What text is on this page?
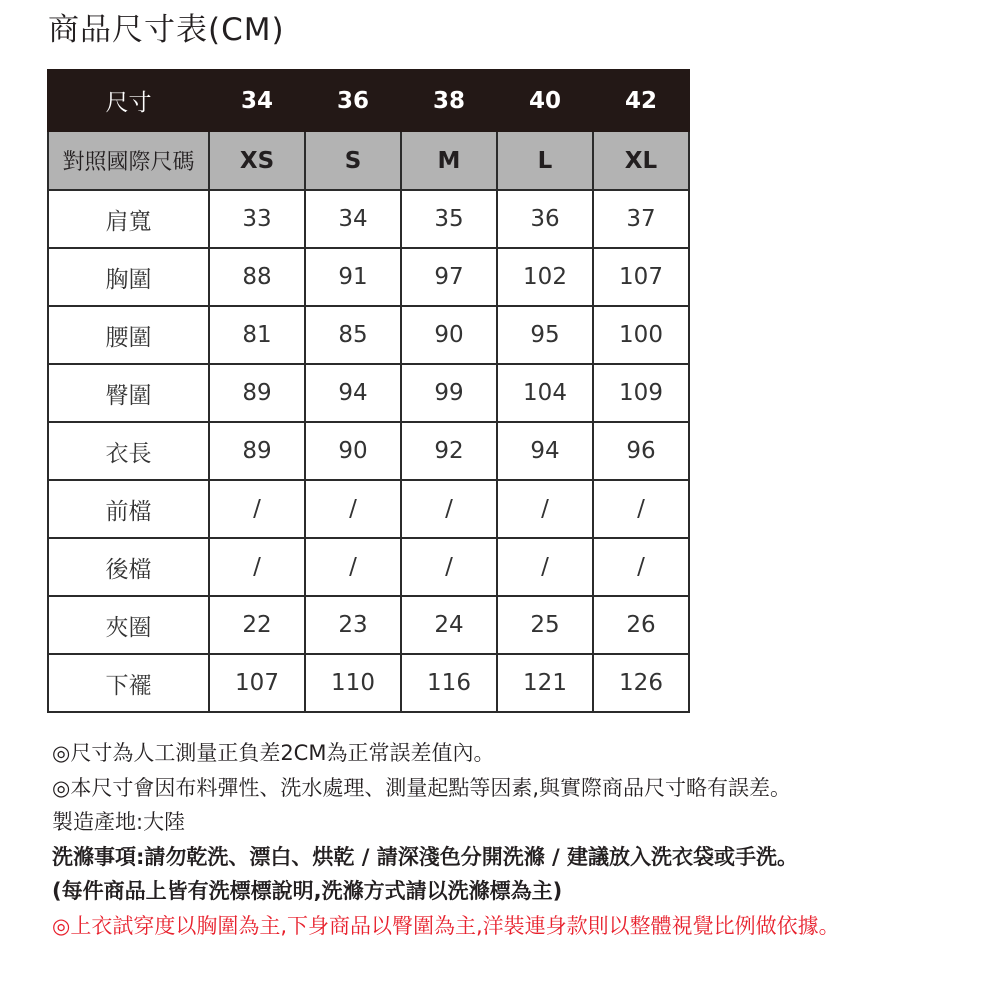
商品尺寸表(CM)
尺寸	34	36	38	40	42
對照國際尺碼	XS	S	M	L	XL
肩寬	33	34	35	36	37
胸圍	88	91	97	102	107
腰圍	81	85	90	95	100
臀圍	89	94	99	104	109
衣長	89	90	92	94	96
前檔	/	/	/	/	/
後檔	/	/	/	/	/
夾圈	22	23	24	25	26
下襬	107	110	116	121	126
◎尺寸為人工測量正負差2CM為正常誤差值內。
◎本尺寸會因布料彈性、洗水處理、測量起點等因素,與實際商品尺寸略有誤差。
製造產地:大陸
洗滌事項:請勿乾洗、漂白、烘乾 / 請深淺色分開洗滌 / 建議放入洗衣袋或手洗。
(每件商品上皆有洗標標說明,洗滌方式請以洗滌標為主)
◎上衣試穿度以胸圍為主,下身商品以臀圍為主,洋裝連身款則以整體視覺比例做依據。
